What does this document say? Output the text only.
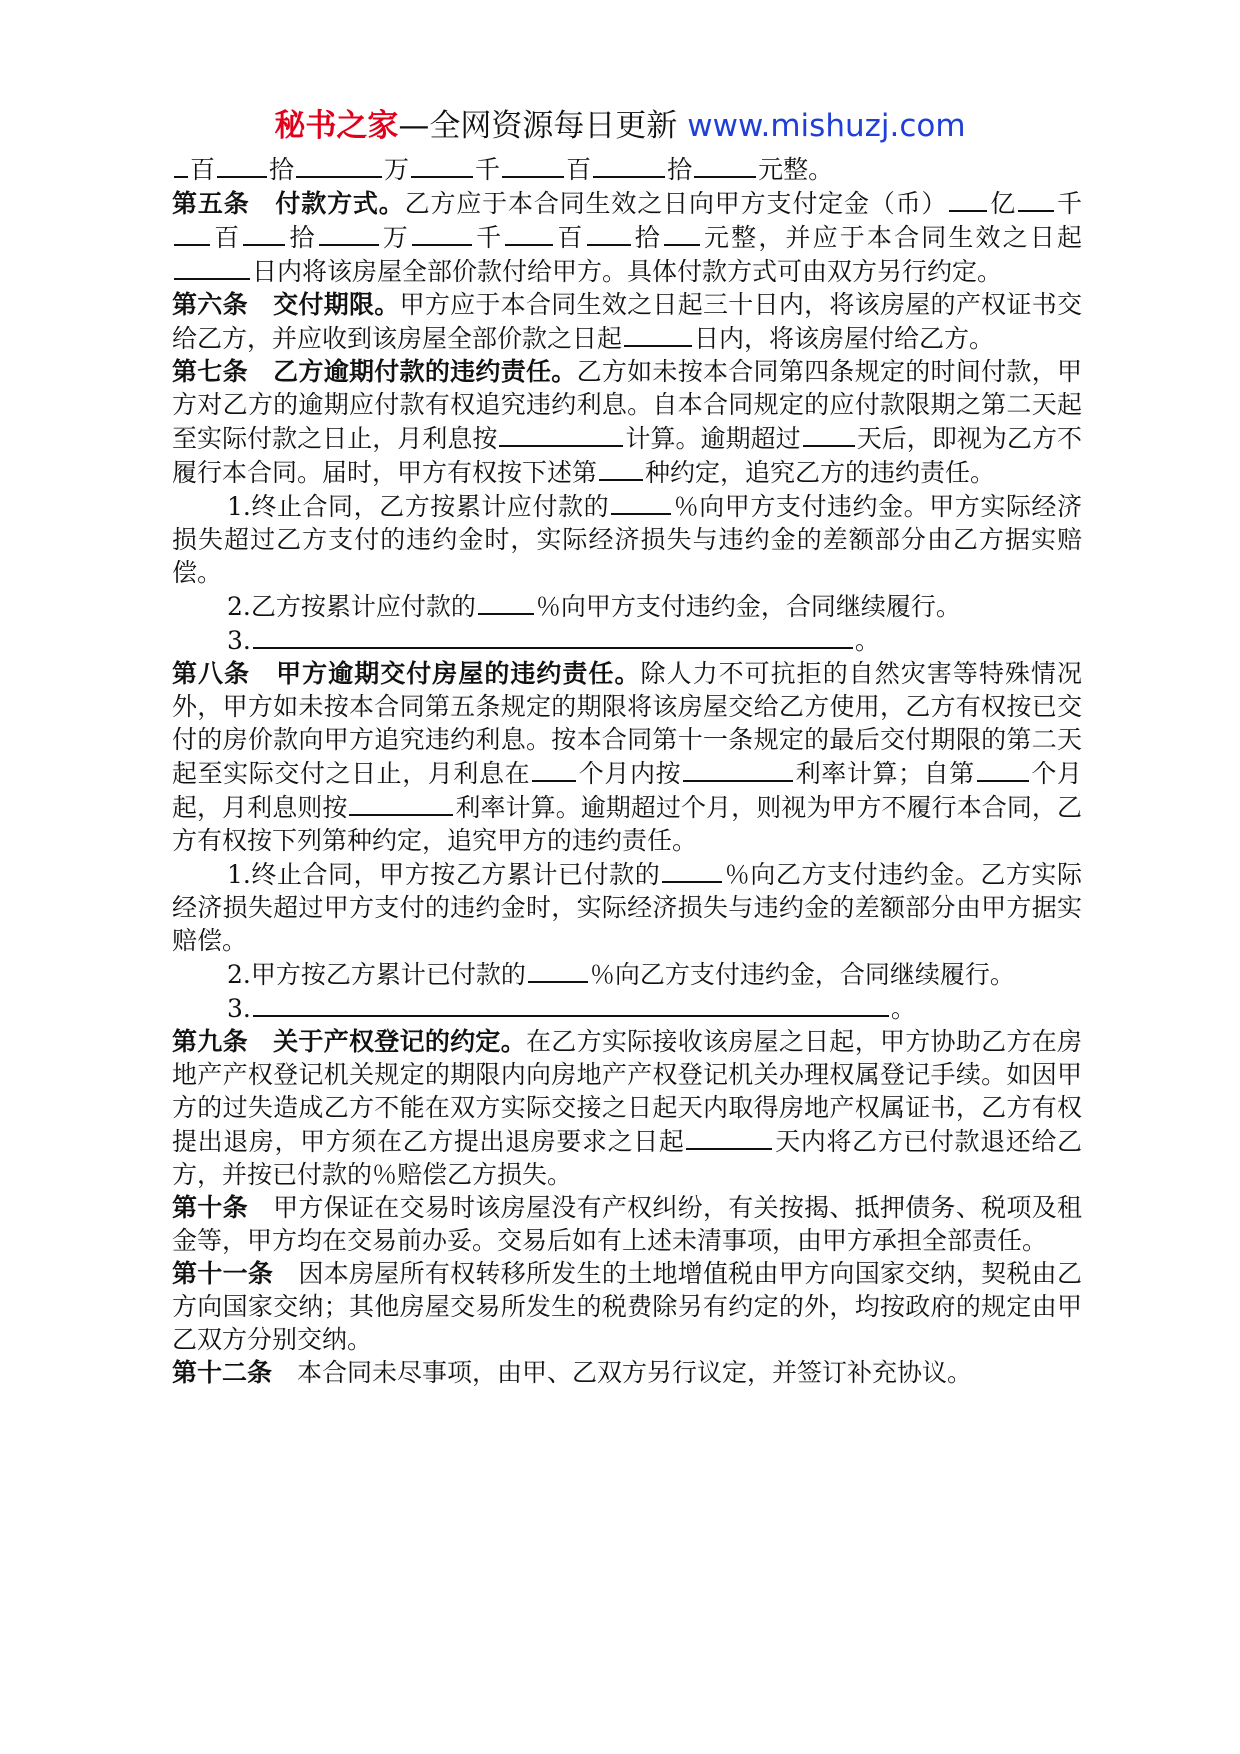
秘书之家—全网资源每日更新 www.mishuzj.com

百 拾	万	千	百	拾	元整。

第五条　付款方式。乙方应于本合同生效之日向甲方支付定金（币） 亿 千百 拾	万	千 百 拾 元整，并应于本合同生效之日起日内将该房屋全部价款付给甲方。具体付款方式可由双方另行约定。

第六条　交付期限。甲方应于本合同生效之日起三十日内，将该房屋的产权证书交给乙方，并应收到该房屋全部价款之日起	日内，将该房屋付给乙方。

第七条　乙方逾期付款的违约责任。乙方如未按本合同第四条规定的时间付款，甲方对乙方的逾期应付款有权追究违约利息。自本合同规定的应付款限期之第二天起至实际付款之日止，月利息按	计算。逾期超过 天后，即视为乙方不履行本合同。届时，甲方有权按下述第 种约定，追究乙方的违约责任。

1.终止合同，乙方按累计应付款的	％向甲方支付违约金。甲方实际经济损失超过乙方支付的违约金时，实际经济损失与违约金的差额部分由乙方据实赔偿。

2.乙方按累计应付款的 ％向甲方支付违约金，合同继续履行。

3.	。

第八条　甲方逾期交付房屋的违约责任。除人力不可抗拒的自然灾害等特殊情况外，甲方如未按本合同第五条规定的期限将该房屋交给乙方使用，乙方有权按已交付的房价款向甲方追究违约利息。按本合同第十一条规定的最后交付期限的第二天起至实际交付之日止，月利息在 个月内按	利率计算；自第 个月起，月利息则按	利率计算。逾期超过个月，则视为甲方不履行本合同，乙方有权按下列第种约定，追究甲方的违约责任。

1.终止合同，甲方按乙方累计已付款的	％向乙方支付违约金。乙方实际经济损失超过甲方支付的违约金时，实际经济损失与违约金的差额部分由甲方据实赔偿。

2.甲方按乙方累计已付款的	％向乙方支付违约金，合同继续履行。

3.	。

第九条　关于产权登记的约定。在乙方实际接收该房屋之日起，甲方协助乙方在房地产产权登记机关规定的期限内向房地产产权登记机关办理权属登记手续。如因甲方的过失造成乙方不能在双方实际交接之日起天内取得房地产权属证书，乙方有权提出退房，甲方须在乙方提出退房要求之日起	天内将乙方已付款退还给乙方，并按已付款的％赔偿乙方损失。

第十条　 甲方保证在交易时该房屋没有产权纠纷，有关按揭、抵押债务、税项及租金等，甲方均在交易前办妥。交易后如有上述未清事项，由甲方承担全部责任。

第十一条　 因本房屋所有权转移所发生的土地增值税由甲方向国家交纳，契税由乙方向国家交纳；其他房屋交易所发生的税费除另有约定的外，均按政府的规定由甲乙双方分别交纳。

第十二条　 本合同未尽事项，由甲、乙双方另行议定，并签订补充协议。
